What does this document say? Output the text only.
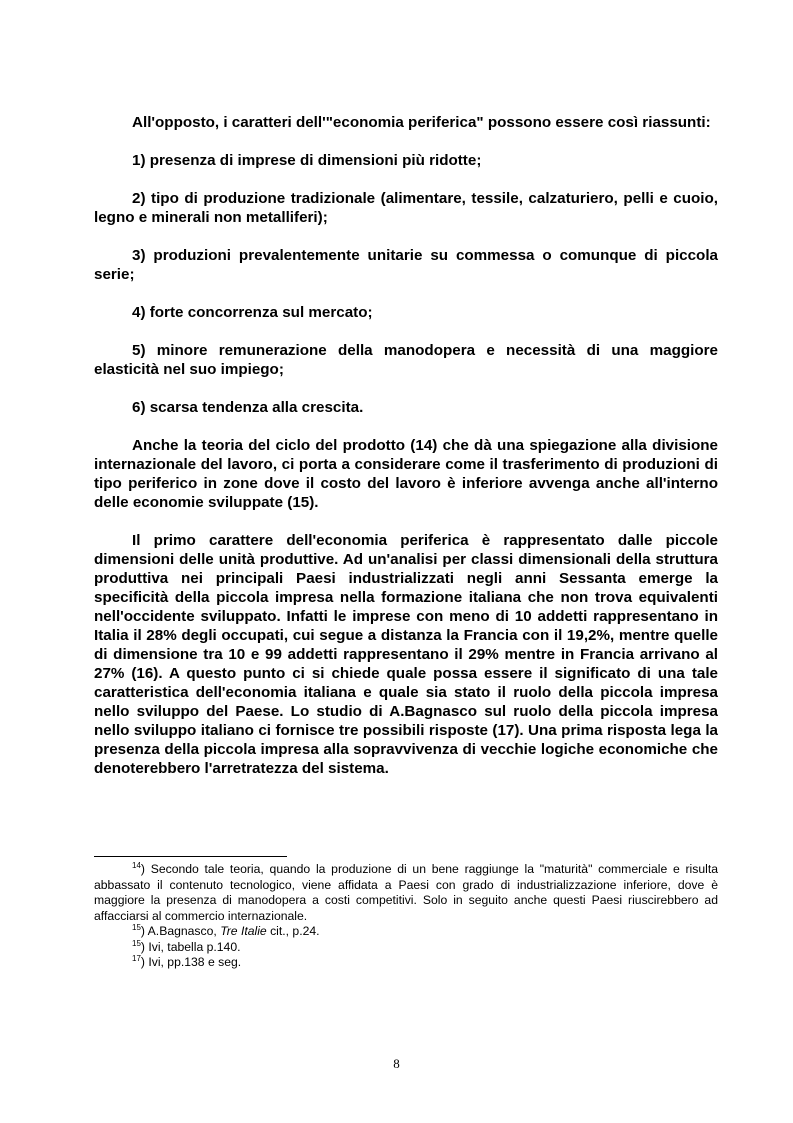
All'opposto, i caratteri dell'"economia periferica" possono essere così riassunti:

1) presenza di imprese di dimensioni più ridotte;

2) tipo di produzione tradizionale (alimentare, tessile, calzaturiero, pelli e cuoio, legno e minerali non metalliferi);

3) produzioni prevalentemente unitarie su commessa o comunque di piccola serie;

4) forte concorrenza sul mercato;

5) minore remunerazione della manodopera e necessità di una maggiore elasticità nel suo impiego;

6) scarsa tendenza alla crescita.

Anche la teoria del ciclo del prodotto (14) che dà una spiegazione alla divisione internazionale del lavoro, ci porta a considerare come il trasferimento di produzioni di tipo periferico in zone dove il costo del lavoro è inferiore avvenga anche all'interno delle economie sviluppate (15).

Il primo carattere dell'economia periferica è rappresentato dalle piccole dimensioni delle unità produttive. Ad un'analisi per classi dimensionali della struttura produttiva nei principali Paesi industrializzati negli anni Sessanta emerge la specificità della piccola impresa nella formazione italiana che non trova equivalenti nell'occidente sviluppato. Infatti le imprese con meno di 10 addetti rappresentano in Italia il 28% degli occupati, cui segue a distanza la Francia con il 19,2%, mentre quelle di dimensione tra 10 e 99 addetti rappresentano il 29% mentre in Francia arrivano al 27% (16). A questo punto ci si chiede quale possa essere il significato di una tale caratteristica dell'economia italiana e quale sia stato il ruolo della piccola impresa nello sviluppo del Paese. Lo studio di A.Bagnasco sul ruolo della piccola impresa nello sviluppo italiano ci fornisce tre possibili risposte (17). Una prima risposta lega la presenza della piccola impresa alla sopravvivenza di vecchie logiche economiche che denoterebbero l'arretratezza del sistema.

$^{14}$) Secondo tale teoria, quando la produzione di un bene raggiunge la "maturità" commerciale e risulta abbassato il contenuto tecnologico, viene affidata a Paesi con grado di industrializzazione inferiore, dove è maggiore la presenza di manodopera a costi competitivi. Solo in seguito anche questi Paesi riuscirebbero ad affacciarsi al commercio internazionale.

$^{15}$) A.Bagnasco, Tre Italie cit., p.24.

$^{15}$) Ivi, tabella p.140.

$^{17}$) Ivi, pp.138 e seg.

8
